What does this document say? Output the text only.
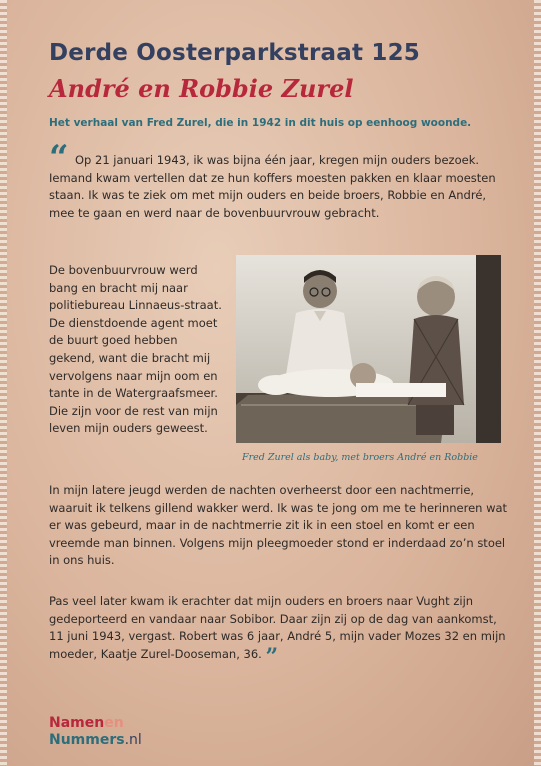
Derde Oosterparkstraat 125
André en Robbie Zurel

Het verhaal van Fred Zurel, die in 1942 in dit huis op eenhoog woonde.

“ Op 21 januari 1943, ik was bijna één jaar, kregen mijn ouders bezoek. Iemand kwam vertellen dat ze hun koffers moesten pakken en klaar moesten staan. Ik was te ziek om met mijn ouders en beide broers, Robbie en André, mee te gaan en werd naar de bovenbuurvrouw gebracht.

De bovenbuurvrouw werd bang en bracht mij naar politiebureau Linnaeus-straat. De dienstdoende agent moet de buurt goed hebben gekend, want die bracht mij vervolgens naar mijn oom en tante in de Watergraafsmeer. Die zijn voor de rest van mijn leven mijn ouders geweest.

Fred Zurel als baby, met broers André en Robbie

In mijn latere jeugd werden de nachten overheerst door een nachtmerrie, waaruit ik telkens gillend wakker werd. Ik was te jong om me te herinneren wat er was gebeurd, maar in de nachtmerrie zit ik in een stoel en komt er een vreemde man binnen. Volgens mijn pleegmoeder stond er inderdaad zo’n stoel in ons huis.

Pas veel later kwam ik erachter dat mijn ouders en broers naar Vught zijn gedeporteerd en vandaar naar Sobibor. Daar zijn zij op de dag van aankomst, 11 juni 1943, vergast. Robert was 6 jaar, André 5, mijn vader Mozes 32 en mijn moeder, Kaatje Zurel-Dooseman, 36. ”

Namenen
Nummers.nl
